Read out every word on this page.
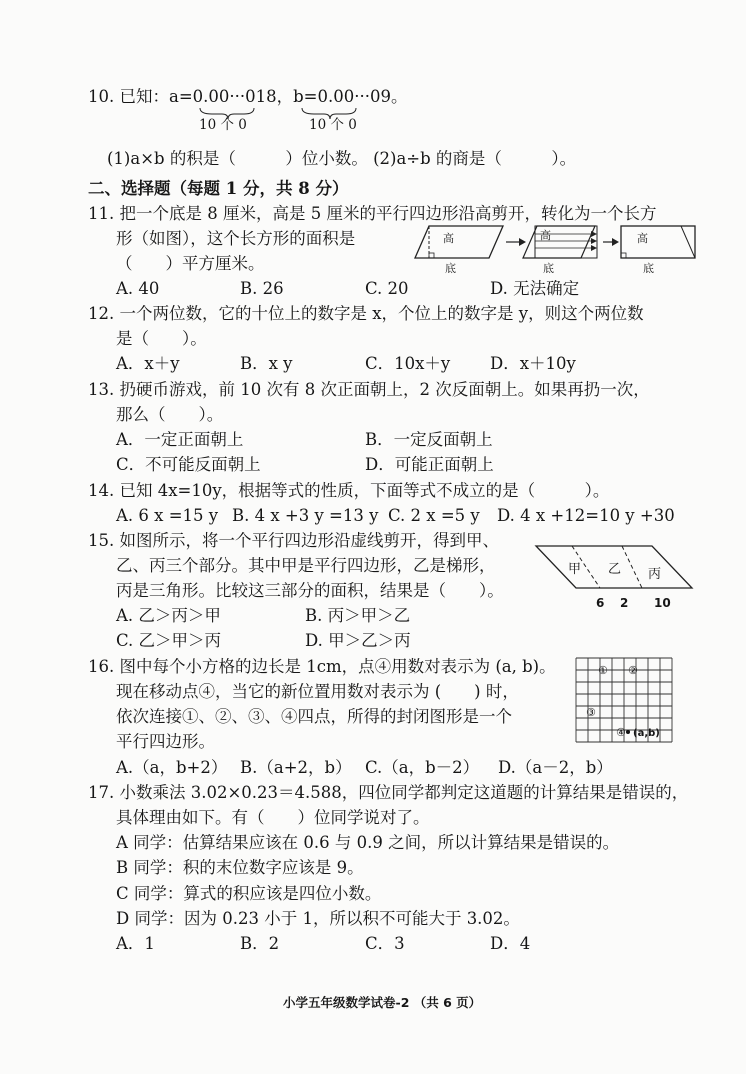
10. 已知：a=0.00···018，b=0.00···09。
10 个 0	10 个 0
(1)a×b 的积是（　　　）位小数。 (2)a÷b 的商是（　　　）。
二、选择题（每题 1 分，共 8 分）
11. 把一个底是 8 厘米，高是 5 厘米的平行四边形沿高剪开，转化为一个长方
形（如图），这个长方形的面积是
（　　）平方厘米。
高
底
高
底
高
底
A. 40	B. 26	C. 20	D. 无法确定
12. 一个两位数，它的十位上的数字是 x，个位上的数字是 y，则这个两位数
是（　　）。
A．x＋y	B．x y	C．10x＋y D．x＋10y
13. 扔硬币游戏，前 10 次有 8 次正面朝上，2 次反面朝上。如果再扔一次，
那么（　　）。
A．一定正面朝上	B．一定反面朝上
C．不可能反面朝上	D．可能正面朝上
14. 已知 4x=10y，根据等式的性质，下面等式不成立的是（　　　）。
A. 6 x =15 y B. 4 x +3 y =13 y C. 2 x =5 y D. 4 x +12=10 y +30
15. 如图所示，将一个平行四边形沿虚线剪开，得到甲、
乙、丙三个部分。其中甲是平行四边形，乙是梯形，
丙是三角形。比较这三部分的面积，结果是（　　）。
甲 乙 丙
6 2 10
A. 乙＞丙＞甲	B. 丙＞甲＞乙
C. 乙＞甲＞丙	D. 甲＞乙＞丙
16. 图中每个小方格的边长是 1cm，点④用数对表示为 (a, b)。
现在移动点④，当它的新位置用数对表示为 (　　) 时，
依次连接①、②、③、④四点，所得的封闭图形是一个
平行四边形。
① ②
③
④ (a,b)
A.（a，b+2） B.（a+2，b） C.（a，b－2） D.（a－2，b）
17. 小数乘法 3.02×0.23＝4.588，四位同学都判定这道题的计算结果是错误的，
具体理由如下。有（　　）位同学说对了。
A 同学：估算结果应该在 0.6 与 0.9 之间，所以计算结果是错误的。
B 同学：积的末位数字应该是 9。
C 同学：算式的积应该是四位小数。
D 同学：因为 0.23 小于 1，所以积不可能大于 3.02。
A．1	B．2	C．3	D．4
小学五年级数学试卷-2 （共 6 页）
